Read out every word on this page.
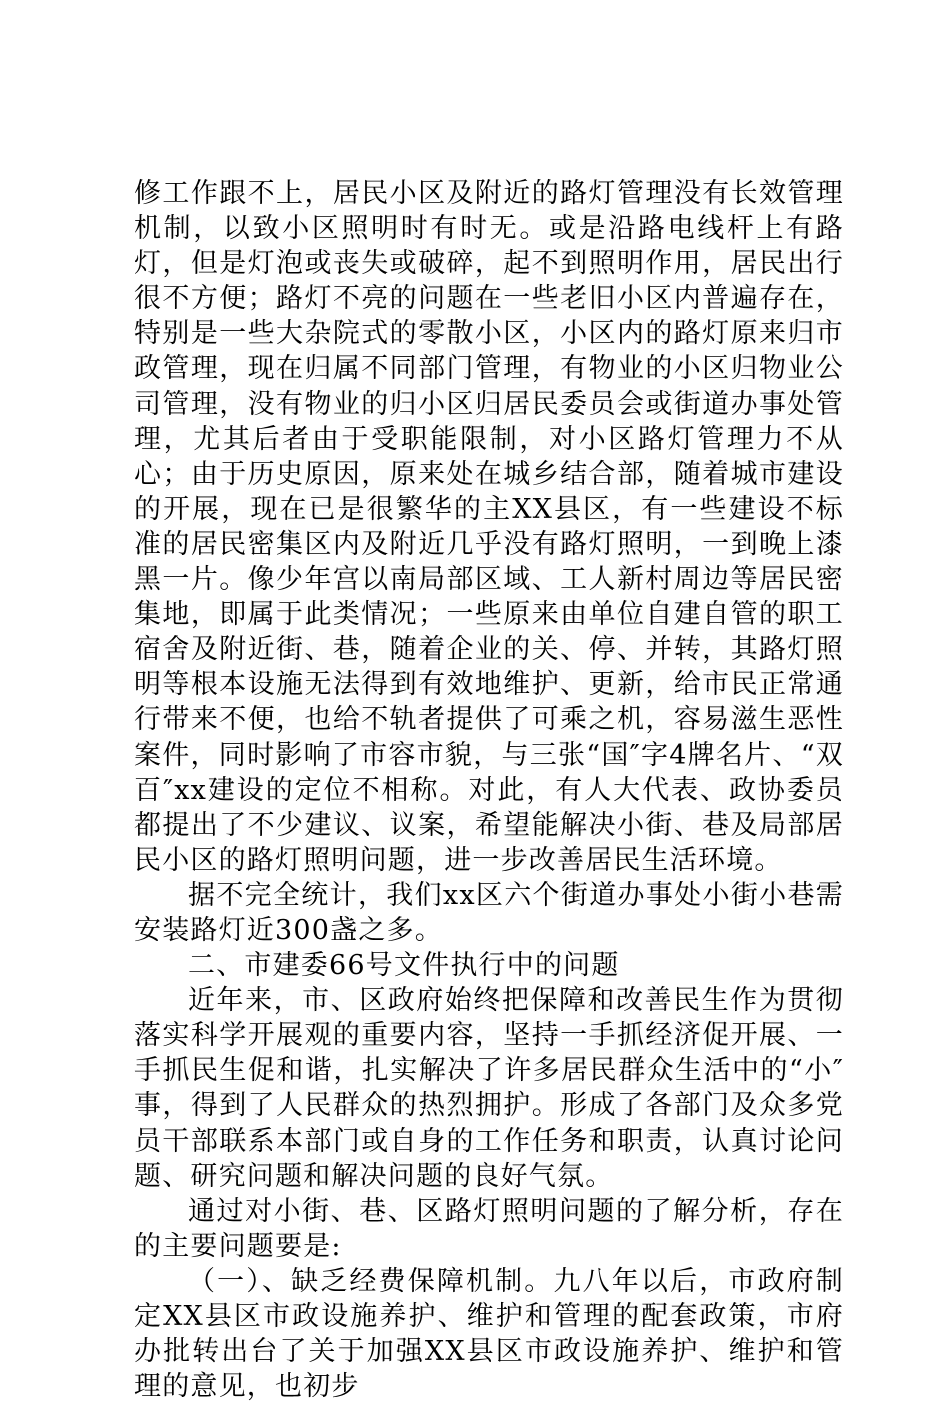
修工作跟不上，居民小区及附近的路灯管理没有长效管理机制，以致小区照明时有时无。或是沿路电线杆上有路灯，但是灯泡或丧失或破碎，起不到照明作用，居民出行很不方便；路灯不亮的问题在一些老旧小区内普遍存在，特别是一些大杂院式的零散小区，小区内的路灯原来归市政管理，现在归属不同部门管理，有物业的小区归物业公司管理，没有物业的归小区归居民委员会或街道办事处管理，尤其后者由于受职能限制，对小区路灯管理力不从心；由于历史原因，原来处在城乡结合部，随着城市建设的开展，现在已是很繁华的主XX县区，有一些建设不标准的居民密集区内及附近几乎没有路灯照明，一到晚上漆黑一片。像少年宫以南局部区域、工人新村周边等居民密集地，即属于此类情况；一些原来由单位自建自管的职工宿舍及附近街、巷，随着企业的关、停、并转，其路灯照明等根本设施无法得到有效地维护、更新，给市民正常通行带来不便，也给不轨者提供了可乘之机，容易滋生恶性案件，同时影响了市容市貌，与三张“国″字4牌名片、“双百″xx建设的定位不相称。对此，有人大代表、政协委员都提出了不少建议、议案，希望能解决小街、巷及局部居民小区的路灯照明问题，进一步改善居民生活环境。

据不完全统计，我们xx区六个街道办事处小街小巷需安装路灯近300盏之多。

二、市建委66号文件执行中的问题

近年来，市、区政府始终把保障和改善民生作为贯彻落实科学开展观的重要内容，坚持一手抓经济促开展、一手抓民生促和谐，扎实解决了许多居民群众生活中的“小″事，得到了人民群众的热烈拥护。形成了各部门及众多党员干部联系本部门或自身的工作任务和职责，认真讨论问题、研究问题和解决问题的良好气氛。

通过对小街、巷、区路灯照明问题的了解分析，存在的主要问题要是:

（一）、缺乏经费保障机制。九八年以后，市政府制定XX县区市政设施养护、维护和管理的配套政策，市府办批转出台了关于加强XX县区市政设施养护、维护和管理的意见，也初步
